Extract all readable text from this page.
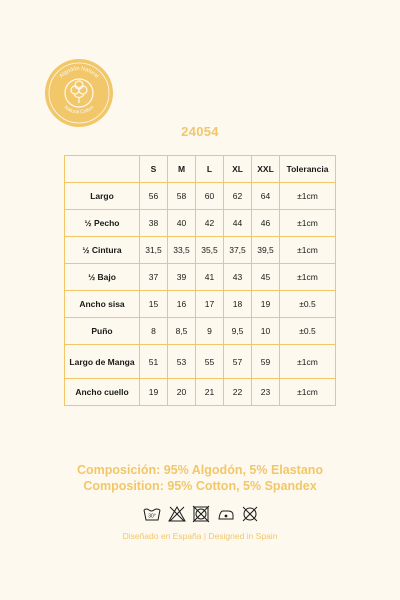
Algodón Natural
Natural Cotton
24054
	S	M	L	XL	XXL	Tolerancia
Largo	56	58	60	62	64	±1cm
½ Pecho	38	40	42	44	46	±1cm
½ Cintura	31,5	33,5	35,5	37,5	39,5	±1cm
½ Bajo	37	39	41	43	45	±1cm
Ancho sisa	15	16	17	18	19	±0.5
Puño	8	8,5	9	9,5	10	±0.5
Largo de Manga	51	53	55	57	59	±1cm
Ancho cuello	19	20	21	22	23	±1cm
Composición: 95% Algodón, 5% Elastano
Composition: 95% Cotton, 5% Spandex
30°
Diseñado en España | Designed in Spain
